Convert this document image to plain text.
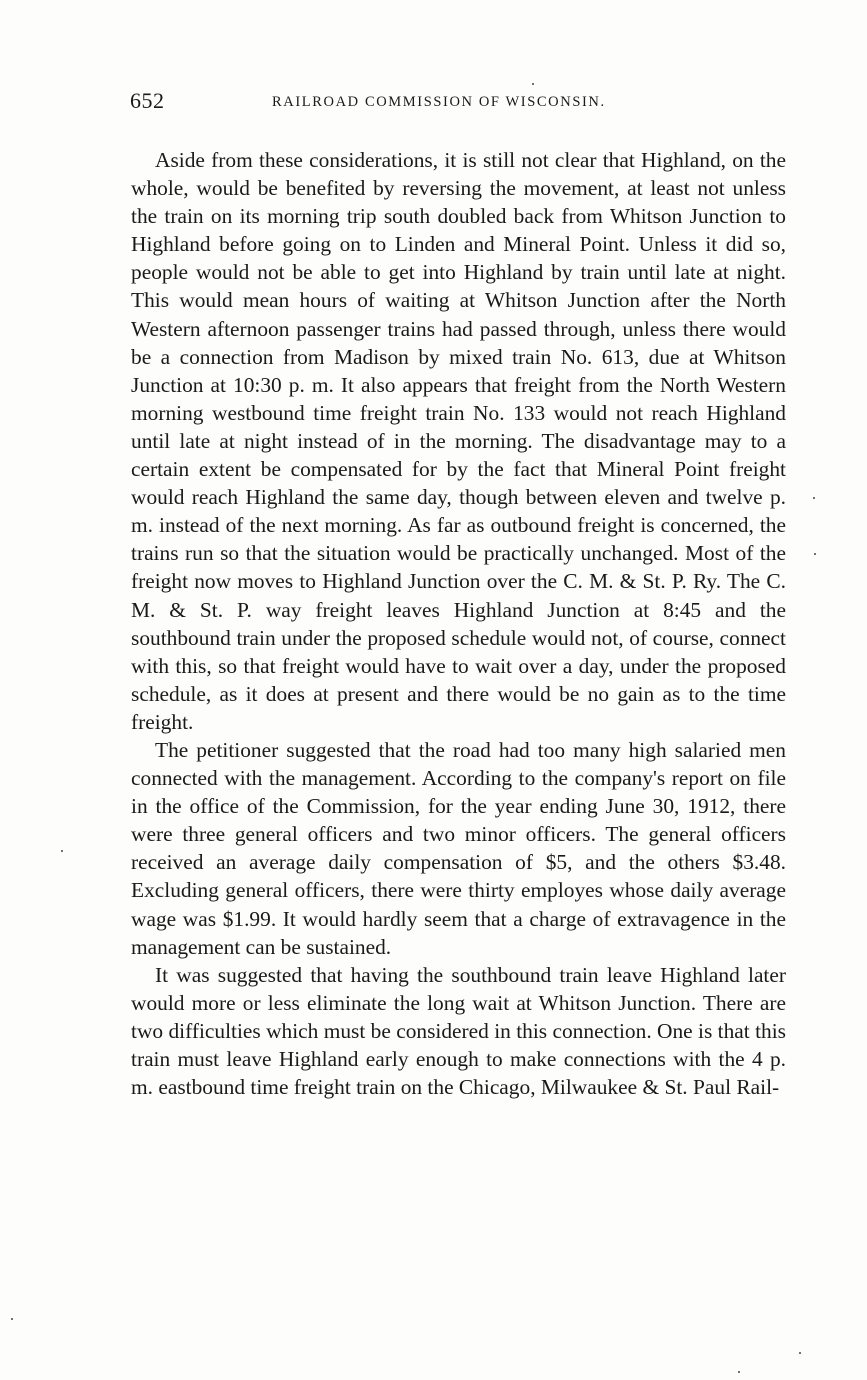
652	RAILROAD COMMISSION OF WISCONSIN.

Aside from these considerations, it is still not clear that Highland, on the whole, would be benefited by reversing the movement, at least not unless the train on its morning trip south doubled back from Whitson Junction to Highland before going on to Linden and Mineral Point. Unless it did so, people would not be able to get into Highland by train until late at night. This would mean hours of waiting at Whitson Junction after the North Western afternoon passenger trains had passed through, unless there would be a connection from Madison by mixed train No. 613, due at Whitson Junction at 10:30 p. m. It also appears that freight from the North Western morning westbound time freight train No. 133 would not reach Highland until late at night instead of in the morning. The disadvantage may to a certain extent be compensated for by the fact that Mineral Point freight would reach Highland the same day, though between eleven and twelve p. m. instead of the next morning. As far as outbound freight is concerned, the trains run so that the situation would be practically unchanged. Most of the freight now moves to Highland Junction over the C. M. & St. P. Ry. The C. M. & St. P. way freight leaves Highland Junction at 8:45 and the southbound train under the proposed schedule would not, of course, connect with this, so that freight would have to wait over a day, under the proposed schedule, as it does at present and there would be no gain as to the time freight.

The petitioner suggested that the road had too many high salaried men connected with the management. According to the company's report on file in the office of the Commission, for the year ending June 30, 1912, there were three general officers and two minor officers. The general officers received an average daily compensation of $5, and the others $3.48. Excluding general officers, there were thirty employes whose daily average wage was $1.99. It would hardly seem that a charge of extravagence in the management can be sustained.

It was suggested that having the southbound train leave Highland later would more or less eliminate the long wait at Whitson Junction. There are two difficulties which must be considered in this connection. One is that this train must leave Highland early enough to make connections with the 4 p. m. eastbound time freight train on the Chicago, Milwaukee & St. Paul Rail-
